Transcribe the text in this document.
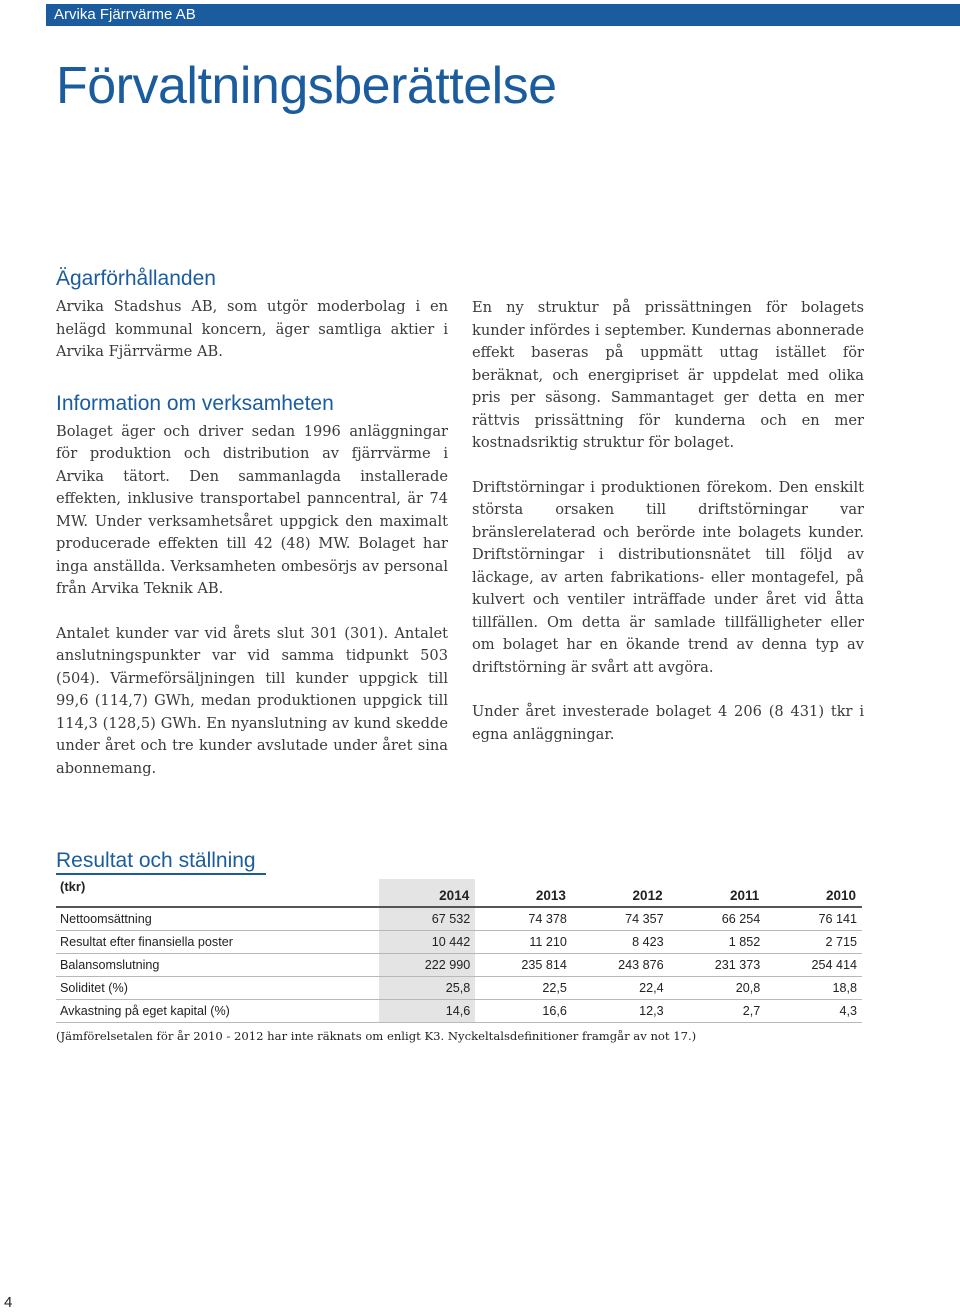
Arvika Fjärrvärme AB
Förvaltningsberättelse
Ägarförhållanden

Arvika Stadshus AB, som utgör moderbolag i en helägd kommunal koncern, äger samtliga aktier i Arvika Fjärrvärme AB.

Information om verksamheten

Bolaget äger och driver sedan 1996 anläggningar för produktion och distribution av fjärrvärme i Arvika tätort. Den sammanlagda installerade effekten, inklusive transportabel panncentral, är 74 MW. Under verksamhetsåret uppgick den maximalt producerade effekten till 42 (48) MW. Bolaget har inga anställda. Verksamheten ombesörjs av personal från Arvika Teknik AB.

Antalet kunder var vid årets slut 301 (301). Antalet anslutningspunkter var vid samma tidpunkt 503 (504). Värmeförsäljningen till kunder uppgick till 99,6 (114,7) GWh, medan produktionen uppgick till 114,3 (128,5) GWh. En nyanslutning av kund skedde under året och tre kunder avslutade under året sina abonnemang.

En ny struktur på prissättningen för bolagets kunder infördes i september. Kundernas abonnerade effekt baseras på uppmätt uttag istället för beräknat, och energipriset är uppdelat med olika pris per säsong. Sammantaget ger detta en mer rättvis prissättning för kunderna och en mer kostnadsriktig struktur för bolaget.

Driftstörningar i produktionen förekom. Den enskilt största orsaken till driftstörningar var bränslerelaterad och berörde inte bolagets kunder. Driftstörningar i distributionsnätet till följd av läckage, av arten fabrikations- eller montagefel, på kulvert och ventiler inträffade under året vid åtta tillfällen. Om detta är samlade tillfälligheter eller om bolaget har en ökande trend av denna typ av driftstörning är svårt att avgöra.

Under året investerade bolaget 4 206 (8 431) tkr i egna anläggningar.

Resultat och ställning
(tkr)	2014	2013	2012	2011	2010
Nettoomsättning	67 532	74 378	74 357	66 254	76 141
Resultat efter finansiella poster	10 442	11 210	8 423	1 852	2 715
Balansomslutning	222 990	235 814	243 876	231 373	254 414
Soliditet (%)	25,8	22,5	22,4	20,8	18,8
Avkastning på eget kapital (%)	14,6	16,6	12,3	2,7	4,3
(Jämförelsetalen för år 2010 - 2012 har inte räknats om enligt K3. Nyckeltalsdefinitioner framgår av not 17.)
4
